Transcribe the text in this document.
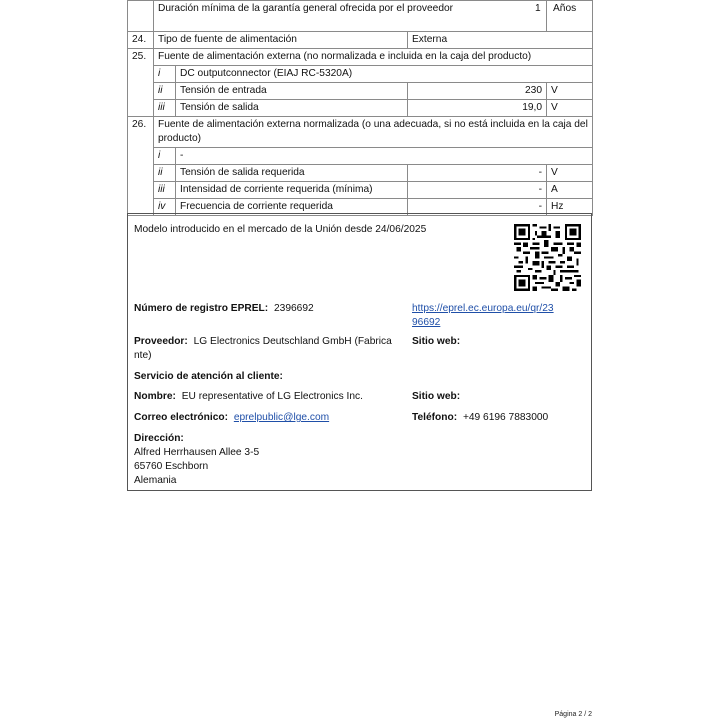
	Duración mínima de la garantía general ofrecida por el proveedor			1 Años

24.	Tipo de fuente de alimentación		Externa	
25.	Fuente de alimentación externa (no normalizada e incluida en la caja del producto)			
	i	DC outputconnector (EIAJ RC-5320A)		
	ii	Tensión de entrada	230	V
	iii	Tensión de salida	19,0	V
26.	Fuente de alimentación externa normalizada (o una adecuada, si no está incluida en la caja del producto)			
	i	-		
	ii	Tensión de salida requerida	-	V
	iii	Intensidad de corriente requerida (mínima)	-	A
	iv	Frecuencia de corriente requerida	-	Hz
Modelo introducido en el mercado de la Unión desde 24/06/2025
Número de registro EPREL: 2396692	https://eprel.ec.europa.eu/qr/23
96692
Proveedor: LG Electronics Deutschland GmbH (Fabrica
nte)
Sitio web:
Servicio de atención al cliente:
Nombre: EU representative of LG Electronics Inc.	Sitio web:
Correo electrónico: eprelpublic@lge.com	Teléfono: +49 6196 7883000
Dirección:
Alfred Herrhausen Allee 3-5
65760 Eschborn
Alemania
Página 2 / 2
